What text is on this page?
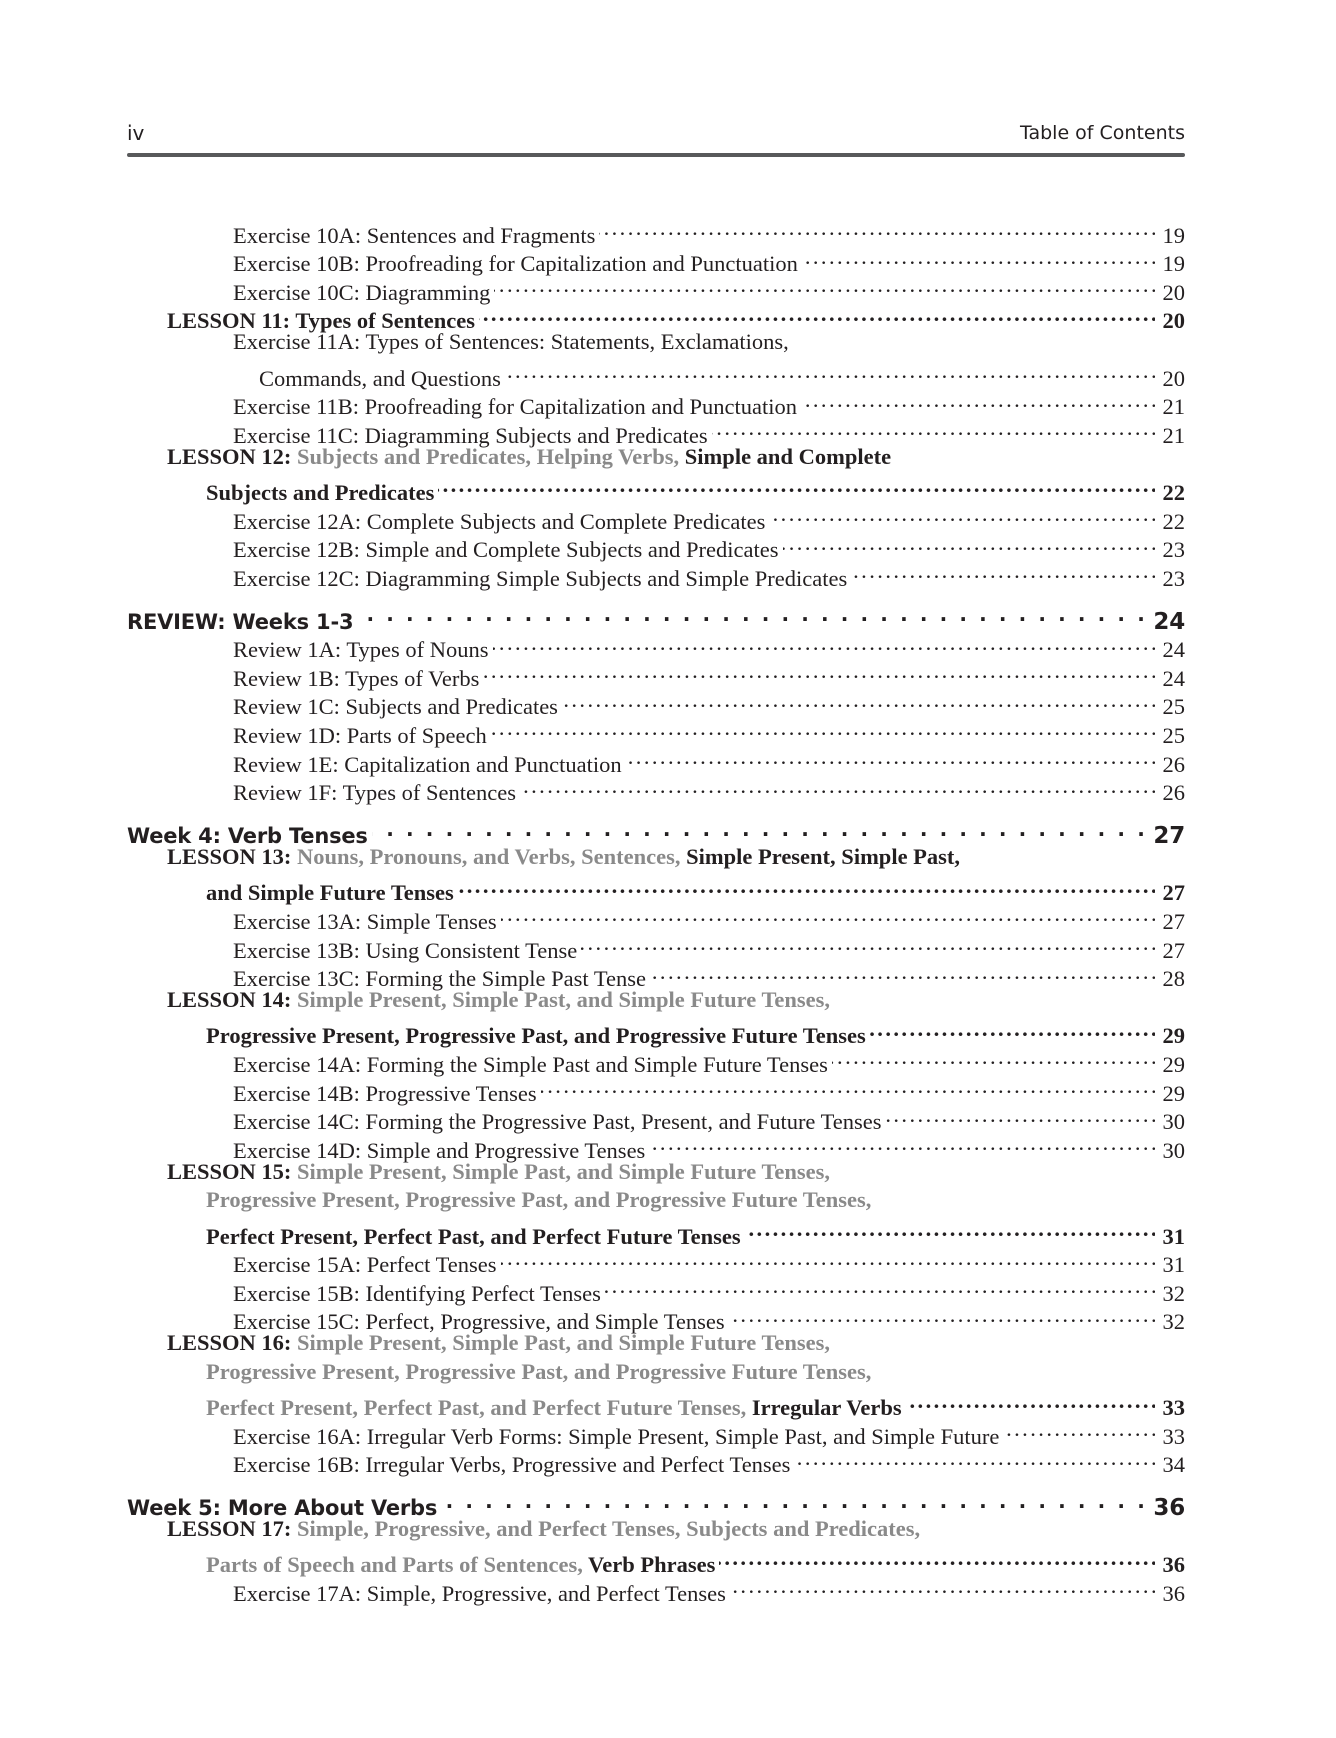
iv	Table of Contents
Exercise 10A: Sentences and Fragments . . .	19
Exercise 10B: Proofreading for Capitalization and Punctuation . . .	19
Exercise 10C: Diagramming . . .	20
LESSON 11: Types of Sentences . . .	20
Exercise 11A: Types of Sentences: Statements, Exclamations,
Commands, and Questions . . .	20
Exercise 11B: Proofreading for Capitalization and Punctuation . . .	21
Exercise 11C: Diagramming Subjects and Predicates . . .	21
LESSON 12: Subjects and Predicates, Helping Verbs, Simple and Complete
Subjects and Predicates . . .	22
Exercise 12A: Complete Subjects and Complete Predicates . . .	22
Exercise 12B: Simple and Complete Subjects and Predicates . . .	23
Exercise 12C: Diagramming Simple Subjects and Simple Predicates . . .	23
REVIEW: Weeks 1-3 . . .	24
Review 1A: Types of Nouns . . .	24
Review 1B: Types of Verbs . . .	24
Review 1C: Subjects and Predicates . . .	25
Review 1D: Parts of Speech . . .	25
Review 1E: Capitalization and Punctuation . . .	26
Review 1F: Types of Sentences . . .	26
Week 4: Verb Tenses . . .	27
LESSON 13: Nouns, Pronouns, and Verbs, Sentences, Simple Present, Simple Past,
and Simple Future Tenses . . .	27
Exercise 13A: Simple Tenses . . .	27
Exercise 13B: Using Consistent Tense . . .	27
Exercise 13C: Forming the Simple Past Tense . . .	28
LESSON 14: Simple Present, Simple Past, and Simple Future Tenses,
Progressive Present, Progressive Past, and Progressive Future Tenses . . .	29
Exercise 14A: Forming the Simple Past and Simple Future Tenses . . .	29
Exercise 14B: Progressive Tenses . . .	29
Exercise 14C: Forming the Progressive Past, Present, and Future Tenses . . .	30
Exercise 14D: Simple and Progressive Tenses . . .	30
LESSON 15: Simple Present, Simple Past, and Simple Future Tenses,
Progressive Present, Progressive Past, and Progressive Future Tenses,
Perfect Present, Perfect Past, and Perfect Future Tenses . . .	31
Exercise 15A: Perfect Tenses . . .	31
Exercise 15B: Identifying Perfect Tenses . . .	32
Exercise 15C: Perfect, Progressive, and Simple Tenses . . .	32
LESSON 16: Simple Present, Simple Past, and Simple Future Tenses,
Progressive Present, Progressive Past, and Progressive Future Tenses,
Perfect Present, Perfect Past, and Perfect Future Tenses, Irregular Verbs . . .	33
Exercise 16A: Irregular Verb Forms: Simple Present, Simple Past, and Simple Future . . .	33
Exercise 16B: Irregular Verbs, Progressive and Perfect Tenses . . .	34
Week 5: More About Verbs . . .	36
LESSON 17: Simple, Progressive, and Perfect Tenses, Subjects and Predicates,
Parts of Speech and Parts of Sentences, Verb Phrases . . .	36
Exercise 17A: Simple, Progressive, and Perfect Tenses . . .	36
